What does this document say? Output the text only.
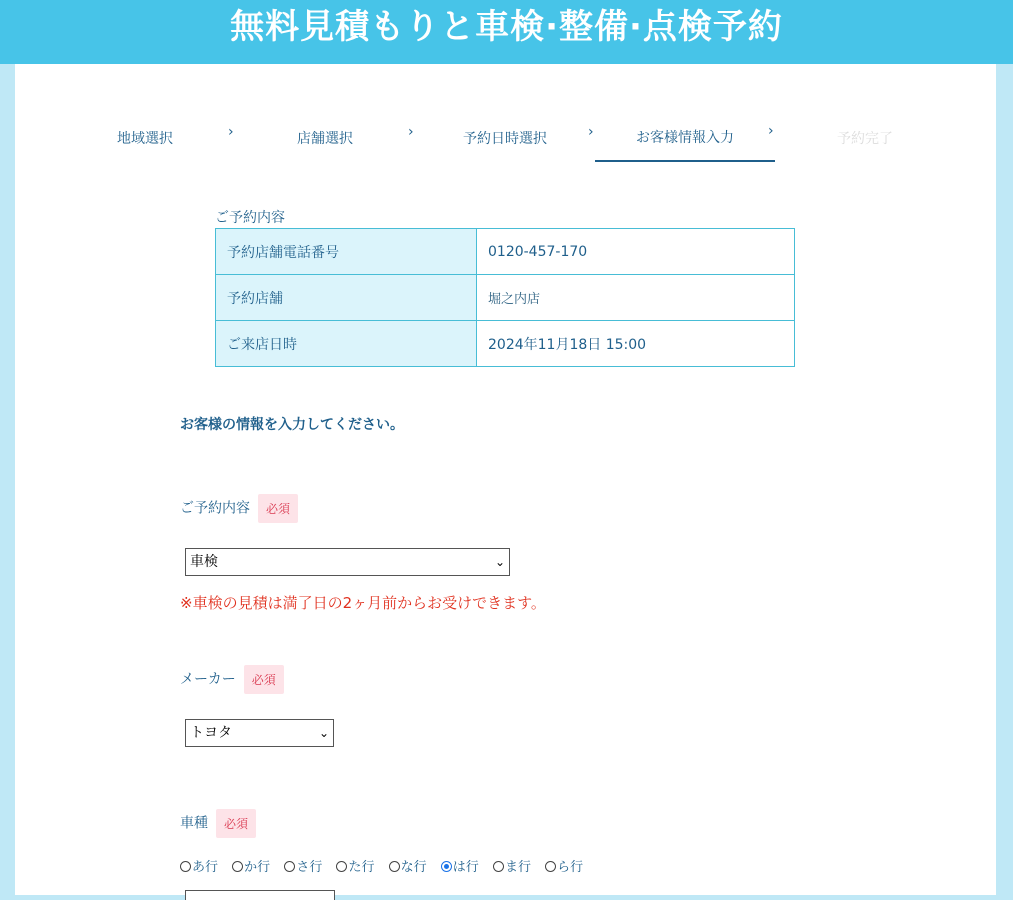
無料見積もりと車検·整備·点検予約
地域選択	›	店舗選択	›	予約日時選択	›	お客様情報入力	›	予約完了
ご予約内容
予約店舗電話番号	0120-457-170
予約店舗	堀之内店
ご来店日時	2024年11月18日 15:00
お客様の情報を入力してください。
ご予約内容 必須
車検	⌄
※車検の見積は満了日の2ヶ月前からお受けできます。
メーカー 必須
トヨタ	⌄
車種 必須
あ行 か行 さ行 た行 な行 は行 ま行 ら行
